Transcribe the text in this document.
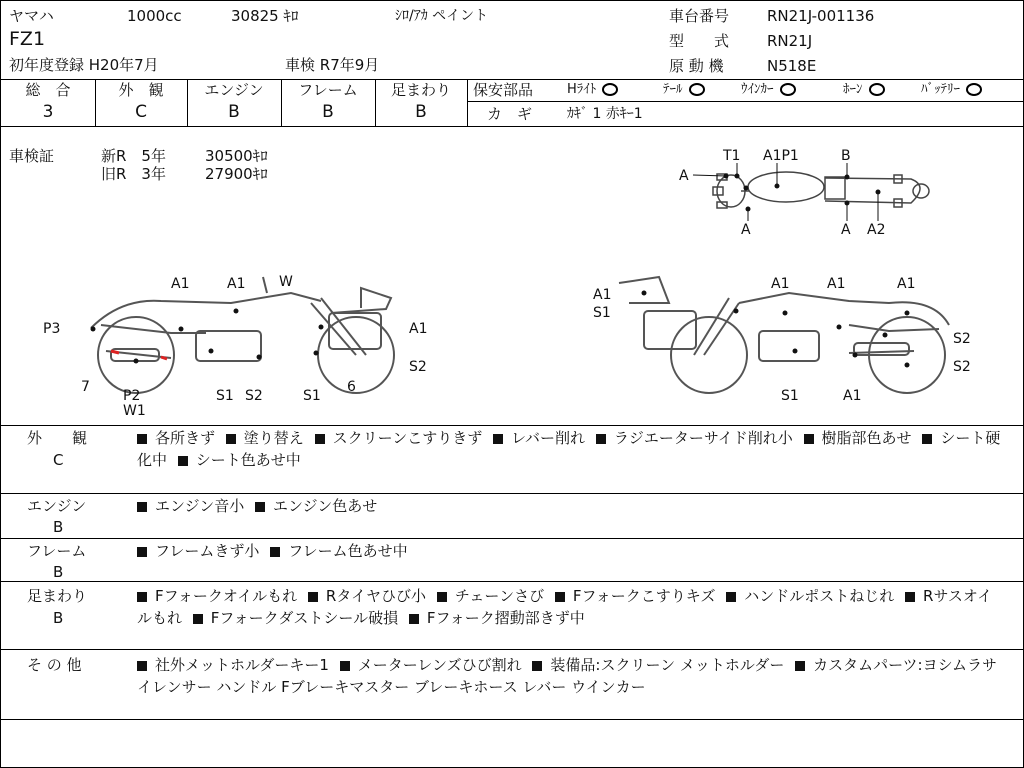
ヤマハ	1000cc	30825 ｷﾛ	ｼﾛ/ｱｶ ペイント
FZ1
初年度登録 H20年7月	車検 R7年9月
車台番号	RN21J-001136
型　　式	RN21J
原 動 機	N518E
総　合	外　観	エンジン	フレーム	足まわり
3	C	B	B	B
保安部品	Hﾗｲﾄ	ﾃｰﾙ	ｳｲﾝｶｰ	ﾎｰﾝ	ﾊﾞｯﾃﾘｰ
カ　ギ ｶｷﾞ 1 赤ｷｰ1
車検証	新R　5年	30500ｷﾛ
旧R　3年	27900ｷﾛ	A
T1 A1P1	B
A	A A2
A1	A1 W
P3	A1
S2
7
P2
W1
S1 S2	S1
6
A1
S1
A1	A1	A1
S2
S2
S1	A1
外　　観
C
各所きず 塗り替え スクリーンこすりきず レバー削れ ラジエーターサイド削れ小 樹脂部色あせ シート硬化中 シート色あせ中
エンジン
B
エンジン音小 エンジン色あせ
フレーム
B
フレームきず小 フレーム色あせ中
足まわり
B
Fフォークオイルもれ Rタイヤひび小 チェーンさび Fフォークこすりキズ ハンドルポストねじれ Rサスオイルもれ Fフォークダストシール破損 Fフォーク摺動部きず中
そ の 他	社外メットホルダーキー1 メーターレンズひび割れ 装備品:スクリーン メットホルダー カスタムパーツ:ヨシムラサイレンサー ハンドル Fブレーキマスター ブレーキホース レバー ウインカー
